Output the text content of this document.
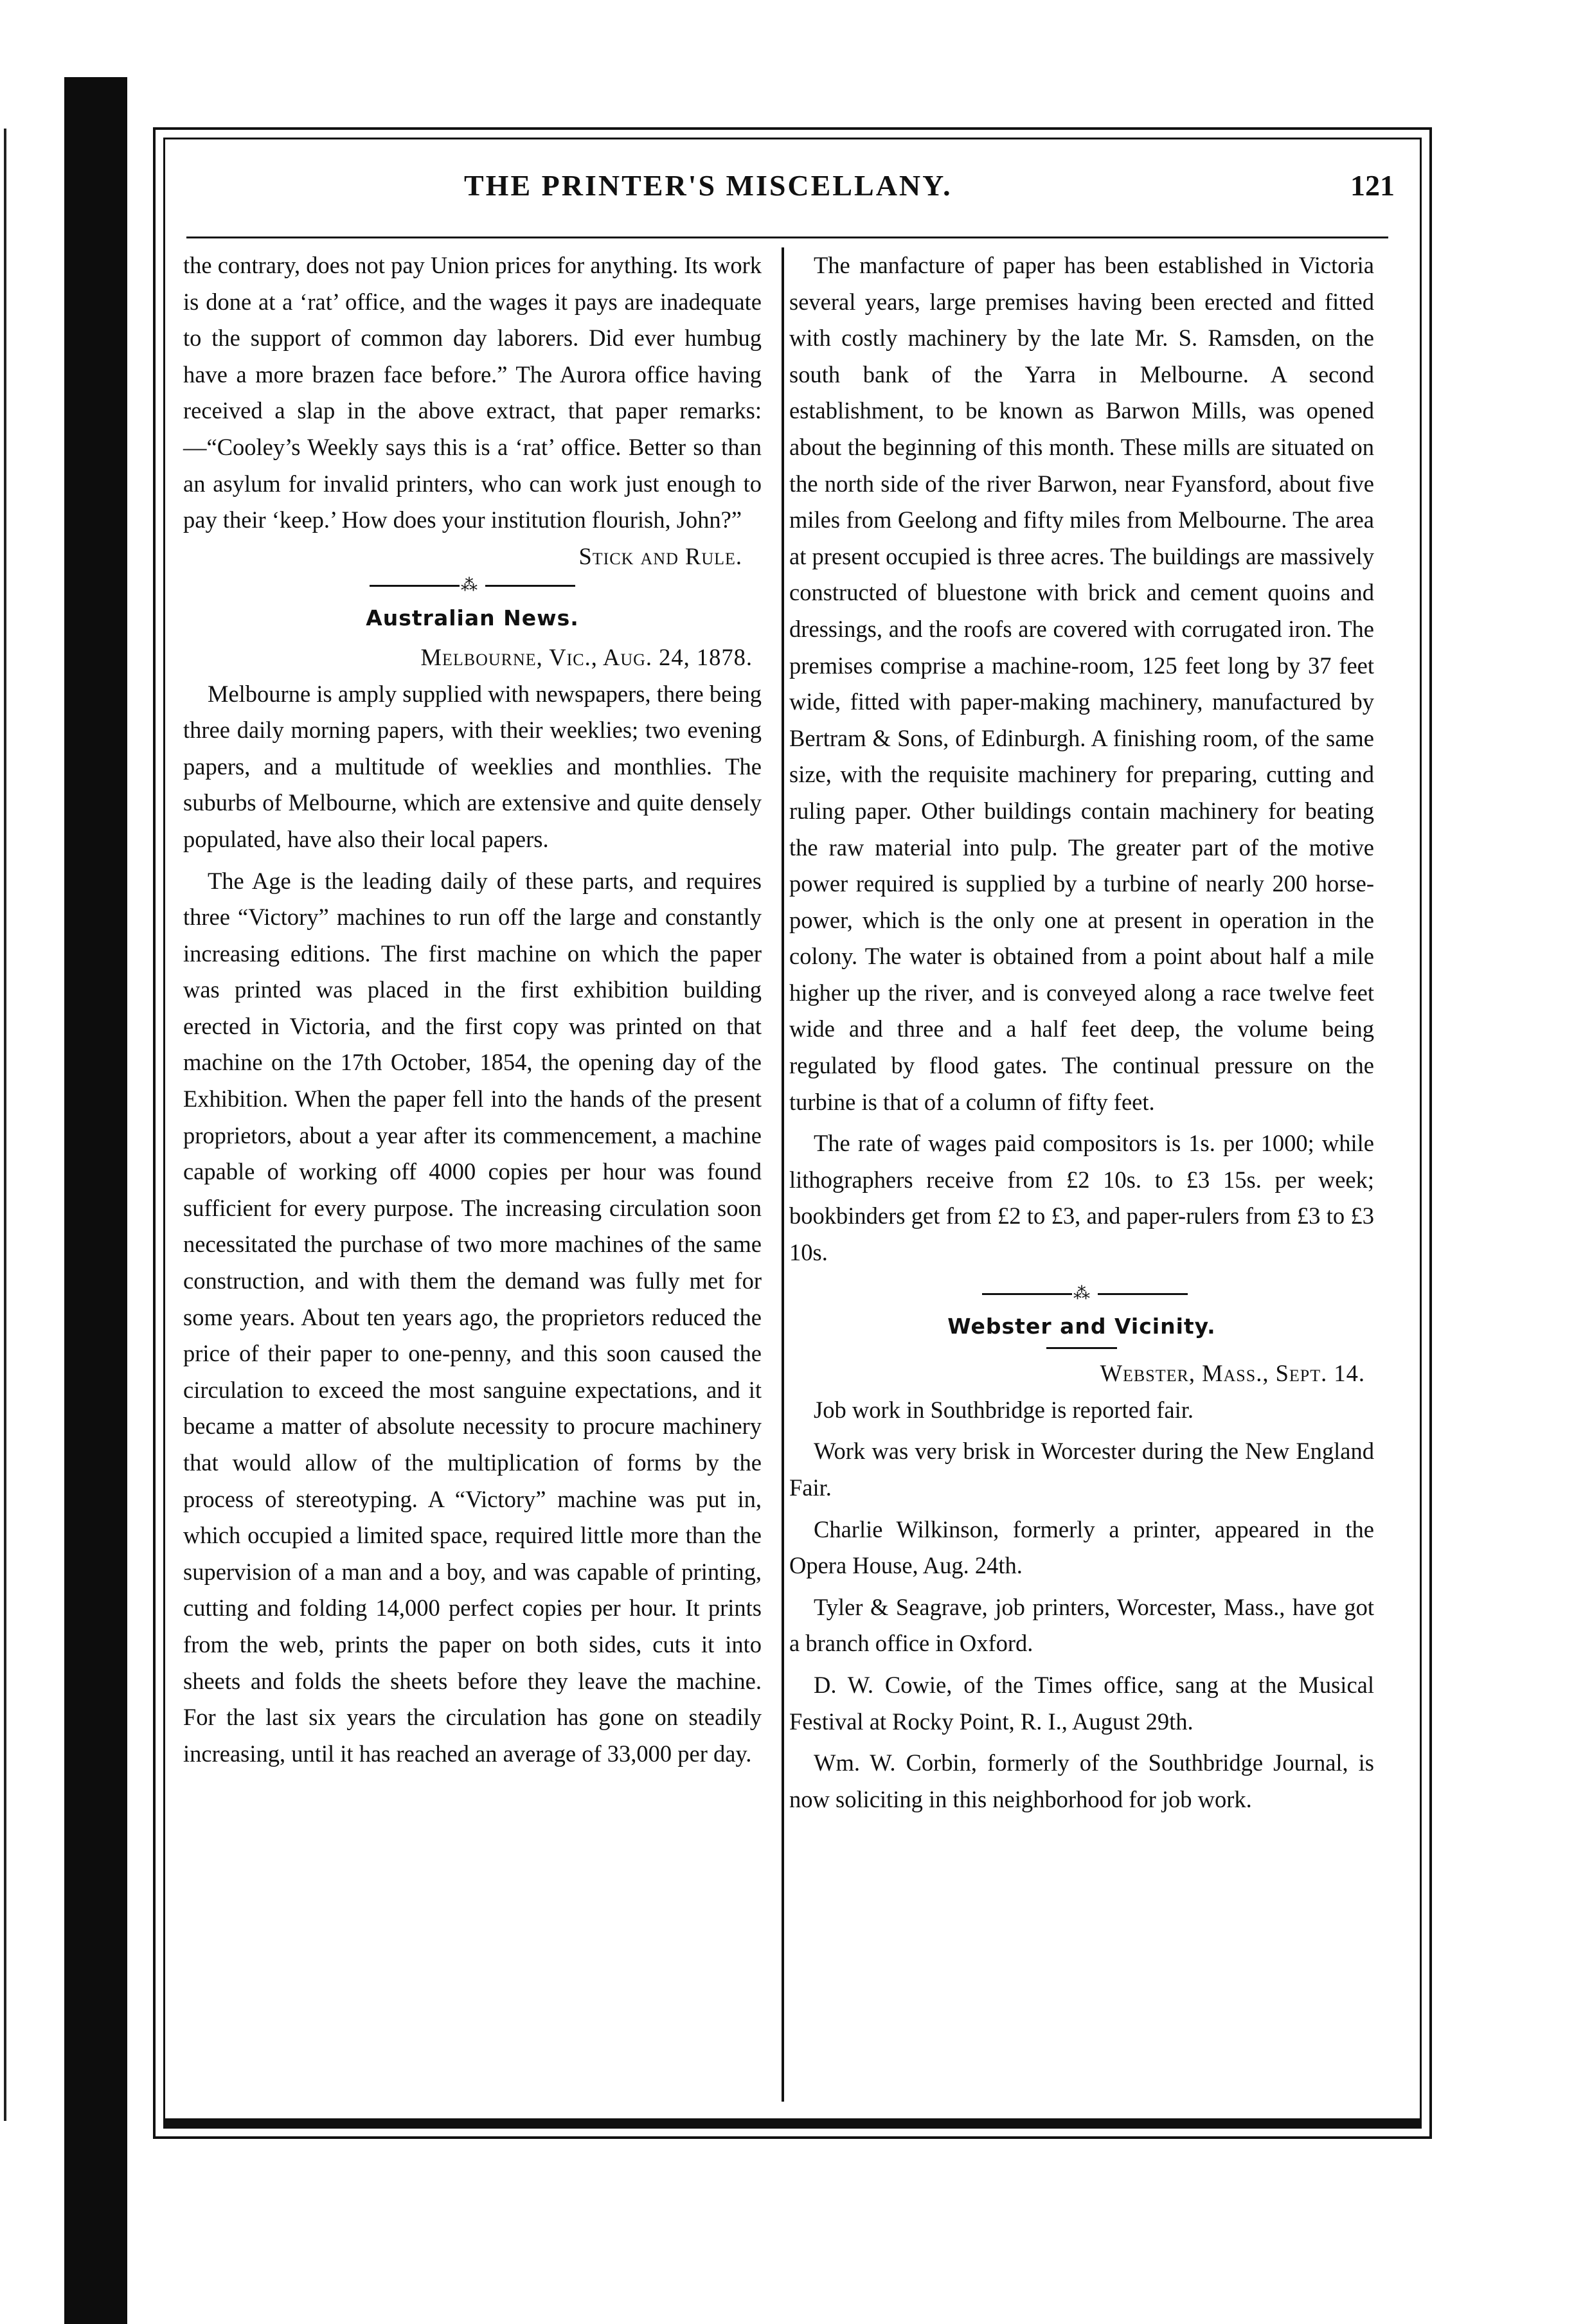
THE PRINTER'S MISCELLANY.	121

the contrary, does not pay Union prices for anything. Its work is done at a ‘rat’ office, and the wages it pays are inadequate to the support of common day laborers. Did ever humbug have a more brazen face before.” The Aurora office having received a slap in the above extract, that paper remarks:—“Cooley’s Weekly says this is a ‘rat’ office. Better so than an asylum for invalid printers, who can work just enough to pay their ‘keep.’ How does your institution flourish, John?”

Stick and Rule.

⁂

Australian News.

Melbourne, Vic., Aug. 24, 1878.

Melbourne is amply supplied with newspapers, there being three daily morning papers, with their weeklies; two evening papers, and a multitude of weeklies and monthlies. The suburbs of Melbourne, which are extensive and quite densely populated, have also their local papers.

The Age is the leading daily of these parts, and requires three “Victory” machines to run off the large and constantly increasing editions. The first machine on which the paper was printed was placed in the first exhibition building erected in Victoria, and the first copy was printed on that machine on the 17th October, 1854, the opening day of the Exhibition. When the paper fell into the hands of the present proprietors, about a year after its commencement, a machine capable of working off 4000 copies per hour was found sufficient for every purpose. The increasing circulation soon necessitated the purchase of two more machines of the same construction, and with them the demand was fully met for some years. About ten years ago, the proprietors reduced the price of their paper to one-penny, and this soon caused the circulation to exceed the most sanguine expectations, and it became a matter of absolute necessity to procure machinery that would allow of the multiplication of forms by the process of stereotyping. A “Victory” machine was put in, which occupied a limited space, required little more than the supervision of a man and a boy, and was capable of printing, cutting and folding 14,000 perfect copies per hour. It prints from the web, prints the paper on both sides, cuts it into sheets and folds the sheets before they leave the machine. For the last six years the circulation has gone on steadily increasing, until it has reached an average of 33,000 per day.

The manfacture of paper has been established in Victoria several years, large premises having been erected and fitted with costly machinery by the late Mr. S. Ramsden, on the south bank of the Yarra in Melbourne. A second establishment, to be known as Barwon Mills, was opened about the beginning of this month. These mills are situated on the north side of the river Barwon, near Fyansford, about five miles from Geelong and fifty miles from Melbourne. The area at present occupied is three acres. The buildings are massively constructed of bluestone with brick and cement quoins and dressings, and the roofs are covered with corrugated iron. The premises comprise a machine-room, 125 feet long by 37 feet wide, fitted with paper-making machinery, manufactured by Bertram & Sons, of Edinburgh. A finishing room, of the same size, with the requisite machinery for preparing, cutting and ruling paper. Other buildings contain machinery for beating the raw material into pulp. The greater part of the motive power required is supplied by a turbine of nearly 200 horse-power, which is the only one at present in operation in the colony. The water is obtained from a point about half a mile higher up the river, and is conveyed along a race twelve feet wide and three and a half feet deep, the volume being regulated by flood gates. The continual pressure on the turbine is that of a column of fifty feet.

The rate of wages paid compositors is 1s. per 1000; while lithographers receive from £2 10s. to £3 15s. per week; bookbinders get from £2 to £3, and paper-rulers from £3 to £3 10s.

⁂

Webster and Vicinity.

Webster, Mass., Sept. 14.

Job work in Southbridge is reported fair.

Work was very brisk in Worcester during the New England Fair.

Charlie Wilkinson, formerly a printer, appeared in the Opera House, Aug. 24th.

Tyler & Seagrave, job printers, Worcester, Mass., have got a branch office in Oxford.

D. W. Cowie, of the Times office, sang at the Musical Festival at Rocky Point, R. I., August 29th.

Wm. W. Corbin, formerly of the Southbridge Journal, is now soliciting in this neighborhood for job work.
